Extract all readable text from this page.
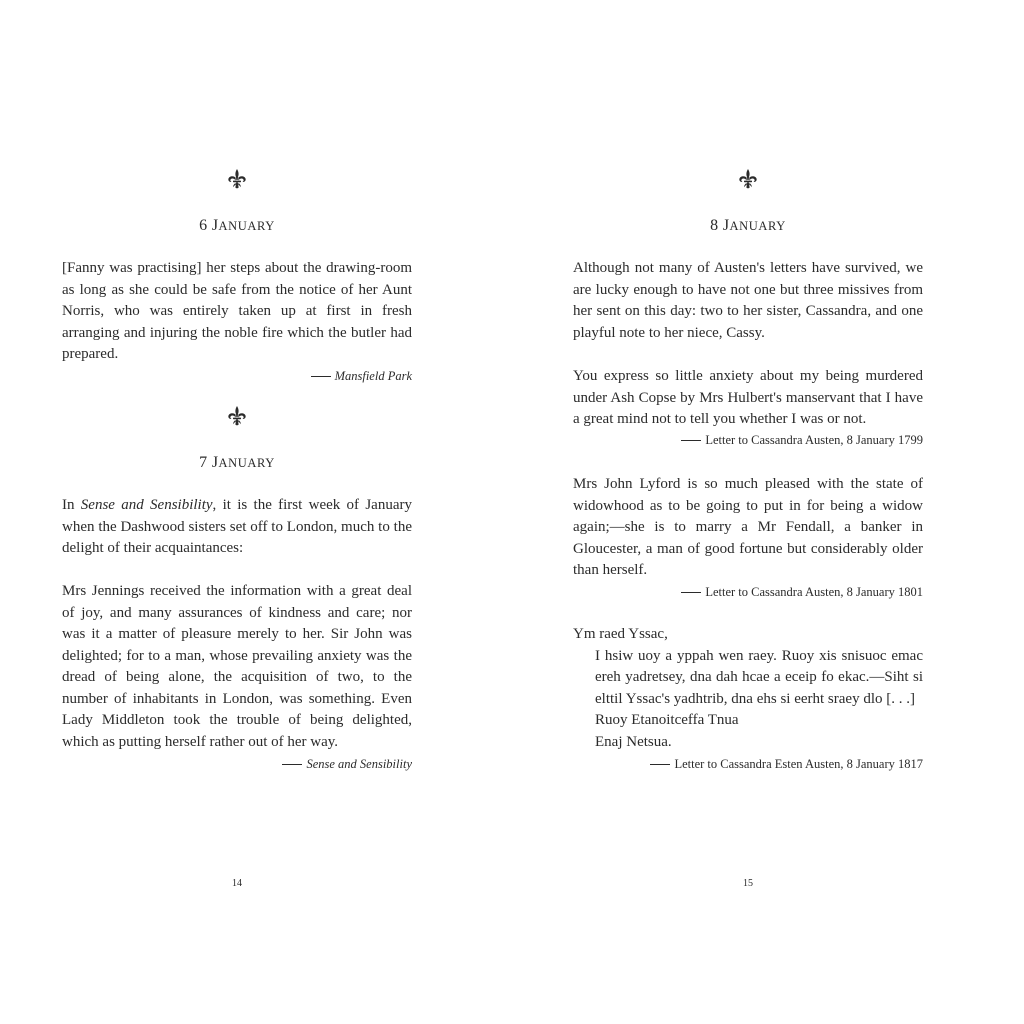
6 JANUARY

[Fanny was practising] her steps about the drawing-room as long as she could be safe from the notice of her Aunt Norris, who was entirely taken up at first in fresh arranging and injuring the noble fire which the butler had prepared.

Mansfield Park
7 JANUARY

In Sense and Sensibility, it is the first week of January when the Dashwood sisters set off to London, much to the delight of their acquaintances:

Mrs Jennings received the information with a great deal of joy, and many assurances of kindness and care; nor was it a matter of pleasure merely to her. Sir John was delighted; for to a man, whose prevailing anxiety was the dread of being alone, the acquisition of two, to the number of inhabitants in London, was something. Even Lady Middleton took the trouble of being delighted, which as putting herself rather out of her way.

Sense and Sensibility
14
8 JANUARY

Although not many of Austen's letters have survived, we are lucky enough to have not one but three missives from her sent on this day: two to her sister, Cassandra, and one playful note to her niece, Cassy.

You express so little anxiety about my being murdered under Ash Copse by Mrs Hulbert's manservant that I have a great mind not to tell you whether I was or not.

Letter to Cassandra Austen, 8 January 1799

Mrs John Lyford is so much pleased with the state of widowhood as to be going to put in for being a widow again;—she is to marry a Mr Fendall, a banker in Gloucester, a man of good fortune but considerably older than herself.

Letter to Cassandra Austen, 8 January 1801

Ym raed Yssac,

I hsiw uoy a yppah wen raey. Ruoy xis snisuoc emac ereh yadretsey, dna dah hcae a eceip fo ekac.—Siht si elttil Yssac's yadhtrib, dna ehs si eerht sraey dlo [. . .]

Ruoy Etanoitceffa Tnua

Enaj Netsua.

Letter to Cassandra Esten Austen, 8 January 1817
15
